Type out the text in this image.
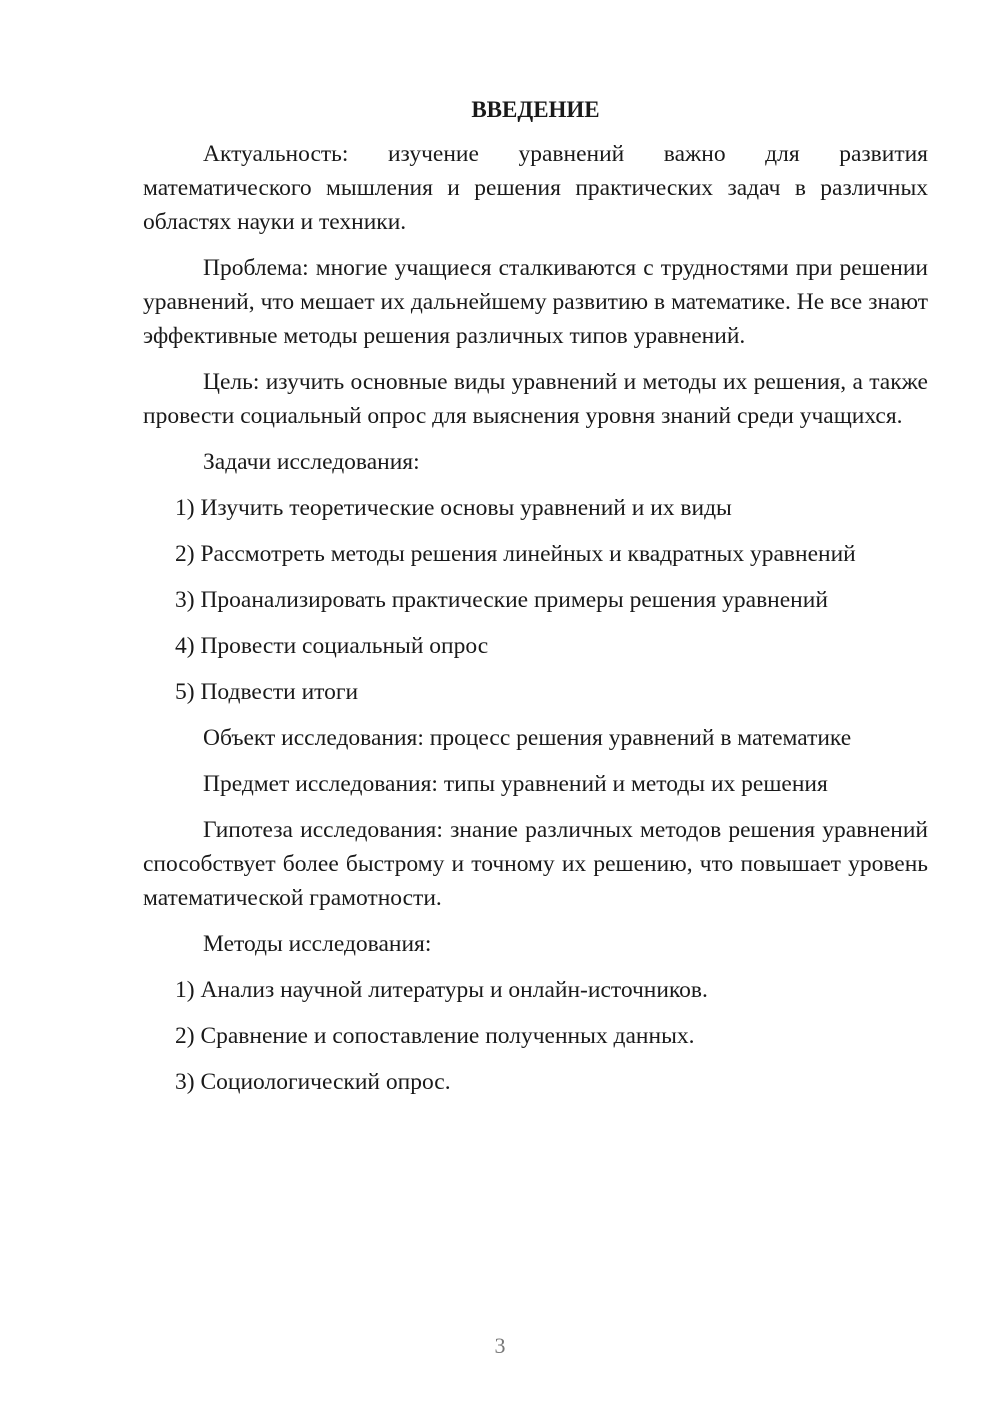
ВВЕДЕНИЕ
Актуальность: изучение уравнений важно для развития математического мышления и решения практических задач в различных областях науки и техники.
Проблема: многие учащиеся сталкиваются с трудностями при решении уравнений, что мешает их дальнейшему развитию в математике. Не все знают эффективные методы решения различных типов уравнений.
Цель: изучить основные виды уравнений и методы их решения, а также провести социальный опрос для выяснения уровня знаний среди учащихся.
Задачи исследования:
1) Изучить теоретические основы уравнений и их виды
2) Рассмотреть методы решения линейных и квадратных уравнений
3) Проанализировать практические примеры решения уравнений
4) Провести социальный опрос
5) Подвести итоги
Объект исследования: процесс решения уравнений в математике
Предмет исследования: типы уравнений и методы их решения
Гипотеза исследования: знание различных методов решения уравнений способствует более быстрому и точному их решению, что повышает уровень математической грамотности.
Методы исследования:
1) Анализ научной литературы и онлайн-источников.
2) Сравнение и сопоставление полученных данных.
3) Социологический опрос.
3
